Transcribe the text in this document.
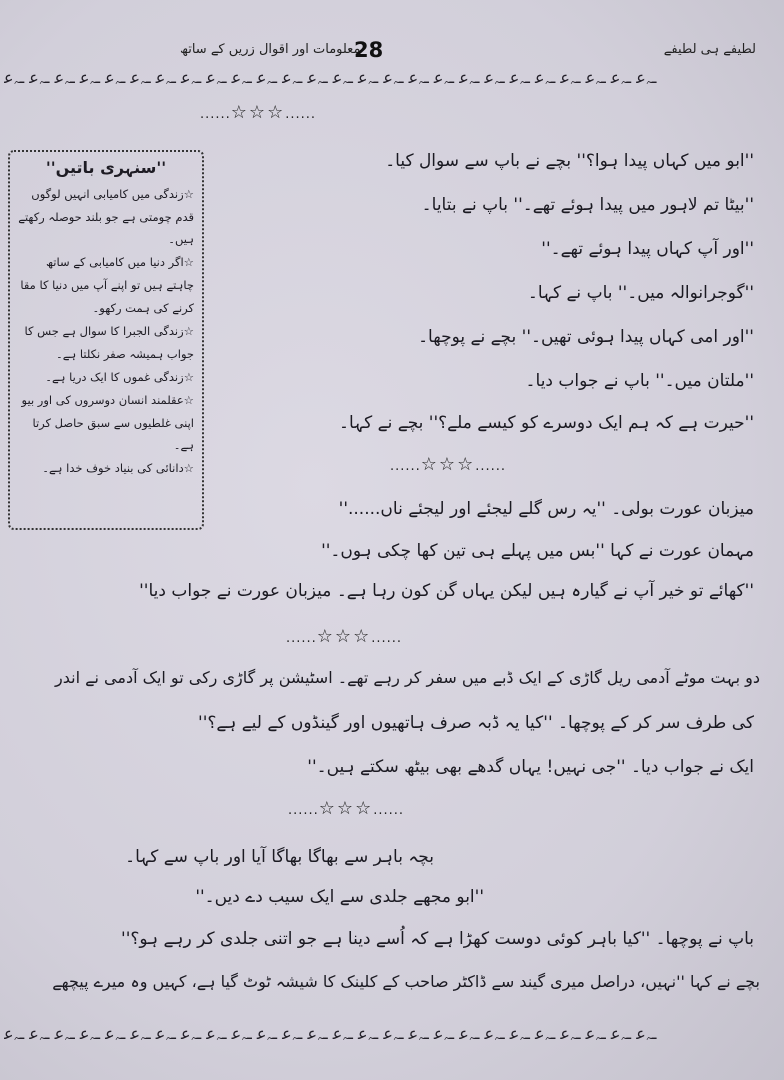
معلومات اور اقوال زریں کے ساتھ
28	لطیفے ہی لطیفے
ـﮧﻋ ـﮧﻋ ـﮧﻋ ـﮧﻋ ـﮧﻋ ـﮧﻋ ـﮧﻋ ـﮧﻋ ـﮧﻋ ـﮧﻋ ـﮧﻋ ـﮧﻋ ـﮧﻋ ـﮧﻋ ـﮧﻋ ـﮧﻋ ـﮧﻋ ـﮧﻋ ـﮧﻋ ـﮧﻋ ـﮧﻋ ـﮧﻋ ـﮧﻋ ـﮧﻋ ـﮧﻋ ـﮧﻋ
......☆☆☆......
''سنہری باتیں''
☆زندگی میں کامیابی انہیں لوگوں
قدم چومتی ہے جو بلند حوصلہ رکھتے ہیں۔
☆اگر دنیا میں کامیابی کے ساتھ
چاہتے ہیں تو اپنے آپ میں دنیا کا مقا
کرنے کی ہمت رکھو۔
☆زندگی الجبرا کا سوال ہے جس کا
جواب ہمیشہ صفر نکلتا ہے۔
☆زندگی غموں کا ایک دریا ہے۔
☆عقلمند انسان دوسروں کی اور بیو
اپنی غلطیوں سے سبق حاصل کرتا ہے۔
☆دانائی کی بنیاد خوف خدا ہے۔
''ابو میں کہاں پیدا ہوا؟'' بچے نے باپ سے سوال کیا۔
''بیٹا تم لاہور میں پیدا ہوئے تھے۔'' باپ نے بتایا۔
''اور آپ کہاں پیدا ہوئے تھے۔''
''گوجرانوالہ میں۔'' باپ نے کہا۔
''اور امی کہاں پیدا ہوئی تھیں۔'' بچے نے پوچھا۔
''ملتان میں۔'' باپ نے جواب دیا۔
''حیرت ہے کہ ہم ایک دوسرے کو کیسے ملے؟'' بچے نے کہا۔
......☆☆☆......
میزبان عورت بولی۔ ''یہ رس گلے لیجئے اور لیجئے ناں......''
مہمان عورت نے کہا ''بس میں پہلے ہی تین کھا چکی ہوں۔''
''کھائے تو خیر آپ نے گیارہ ہیں لیکن یہاں گن کون رہا ہے۔ میزبان عورت نے جواب دیا''
......☆☆☆......
دو بہت موٹے آدمی ریل گاڑی کے ایک ڈبے میں سفر کر رہے تھے۔ اسٹیشن پر گاڑی رکی تو ایک آدمی نے اندر
کی طرف سر کر کے پوچھا۔ ''کیا یہ ڈبہ صرف ہاتھیوں اور گینڈوں کے لیے ہے؟''
ایک نے جواب دیا۔ ''جی نہیں! یہاں گدھے بھی بیٹھ سکتے ہیں۔''
......☆☆☆......
بچہ باہر سے بھاگا بھاگا آیا اور باپ سے کہا۔
''ابو مجھے جلدی سے ایک سیب دے دیں۔''
باپ نے پوچھا۔ ''کیا باہر کوئی دوست کھڑا ہے کہ اُسے دینا ہے جو اتنی جلدی کر رہے ہو؟''
بچے نے کہا ''نہیں، دراصل میری گیند سے ڈاکٹر صاحب کے کلینک کا شیشہ ٹوٹ گیا ہے، کہیں وہ میرے پیچھے
ـﮧﻋ ـﮧﻋ ـﮧﻋ ـﮧﻋ ـﮧﻋ ـﮧﻋ ـﮧﻋ ـﮧﻋ ـﮧﻋ ـﮧﻋ ـﮧﻋ ـﮧﻋ ـﮧﻋ ـﮧﻋ ـﮧﻋ ـﮧﻋ ـﮧﻋ ـﮧﻋ ـﮧﻋ ـﮧﻋ ـﮧﻋ ـﮧﻋ ـﮧﻋ ـﮧﻋ ـﮧﻋ ـﮧﻋ
